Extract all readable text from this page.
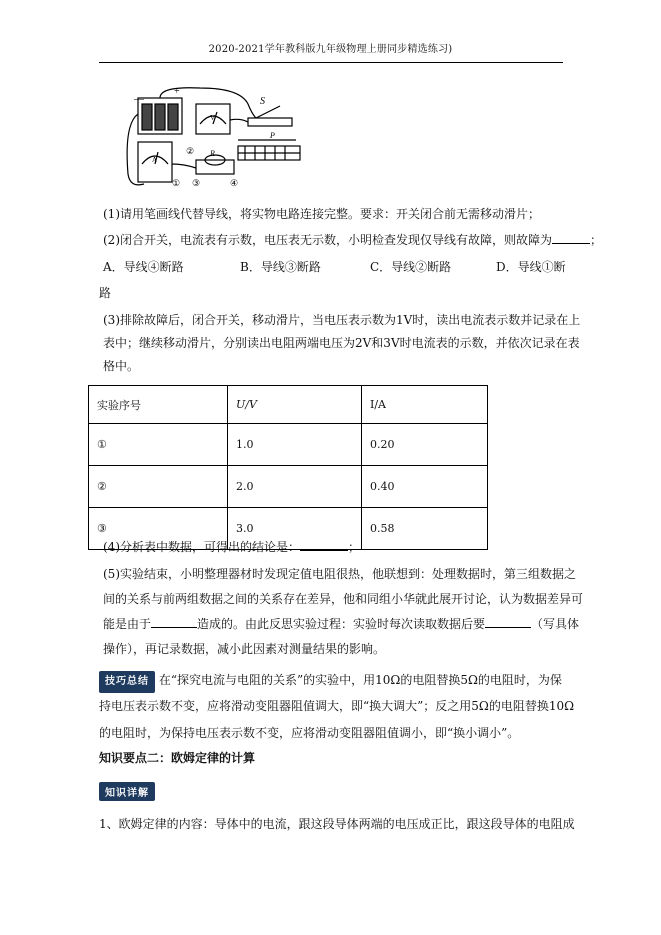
2020-2021学年教科版九年级物理上册同步精选练习)
—
+
S
V
A
R
P
①
②
③	④
(1)请用笔画线代替导线，将实物电路连接完整。要求：开关闭合前无需移动滑片；
(2)闭合开关，电流表有示数，电压表无示数，小明检查发现仅导线有故障，则故障为	；
A．导线④断路	B．导线③断路	C．导线②断路	D．导线①断
路
(3)排除故障后，闭合开关，移动滑片，当电压表示数为1V时，读出电流表示数并记录在上
表中；继续移动滑片，分别读出电阻两端电压为2V和3V时电流表的示数，并依次记录在表
格中。
实验序号	U/V	I/A
①	1.0	0.20
②	2.0	0.40
③	3.0	0.58
(4)分析表中数据，可得出的结论是：	；
(5)实验结束，小明整理器材时发现定值电阻很热，他联想到：处理数据时，第三组数据之
间的关系与前两组数据之间的关系存在差异，他和同组小华就此展开讨论，认为数据差异可
能是由于	造成的。由此反思实验过程：实验时每次读取数据后要	（写具体
操作），再记录数据，减小此因素对测量结果的影响。
技巧总结 在“探究电流与电阻的关系”的实验中，用10Ω的电阻替换5Ω的电阻时，为保
持电压表示数不变，应将滑动变阻器阻值调大，即“换大调大”；反之用5Ω的电阻替换10Ω
的电阻时，为保持电压表示数不变，应将滑动变阻器阻值调小，即“换小调小”。
知识要点二：欧姆定律的计算
知识详解
1、欧姆定律的内容：导体中的电流，跟这段导体两端的电压成正比，跟这段导体的电阻成
